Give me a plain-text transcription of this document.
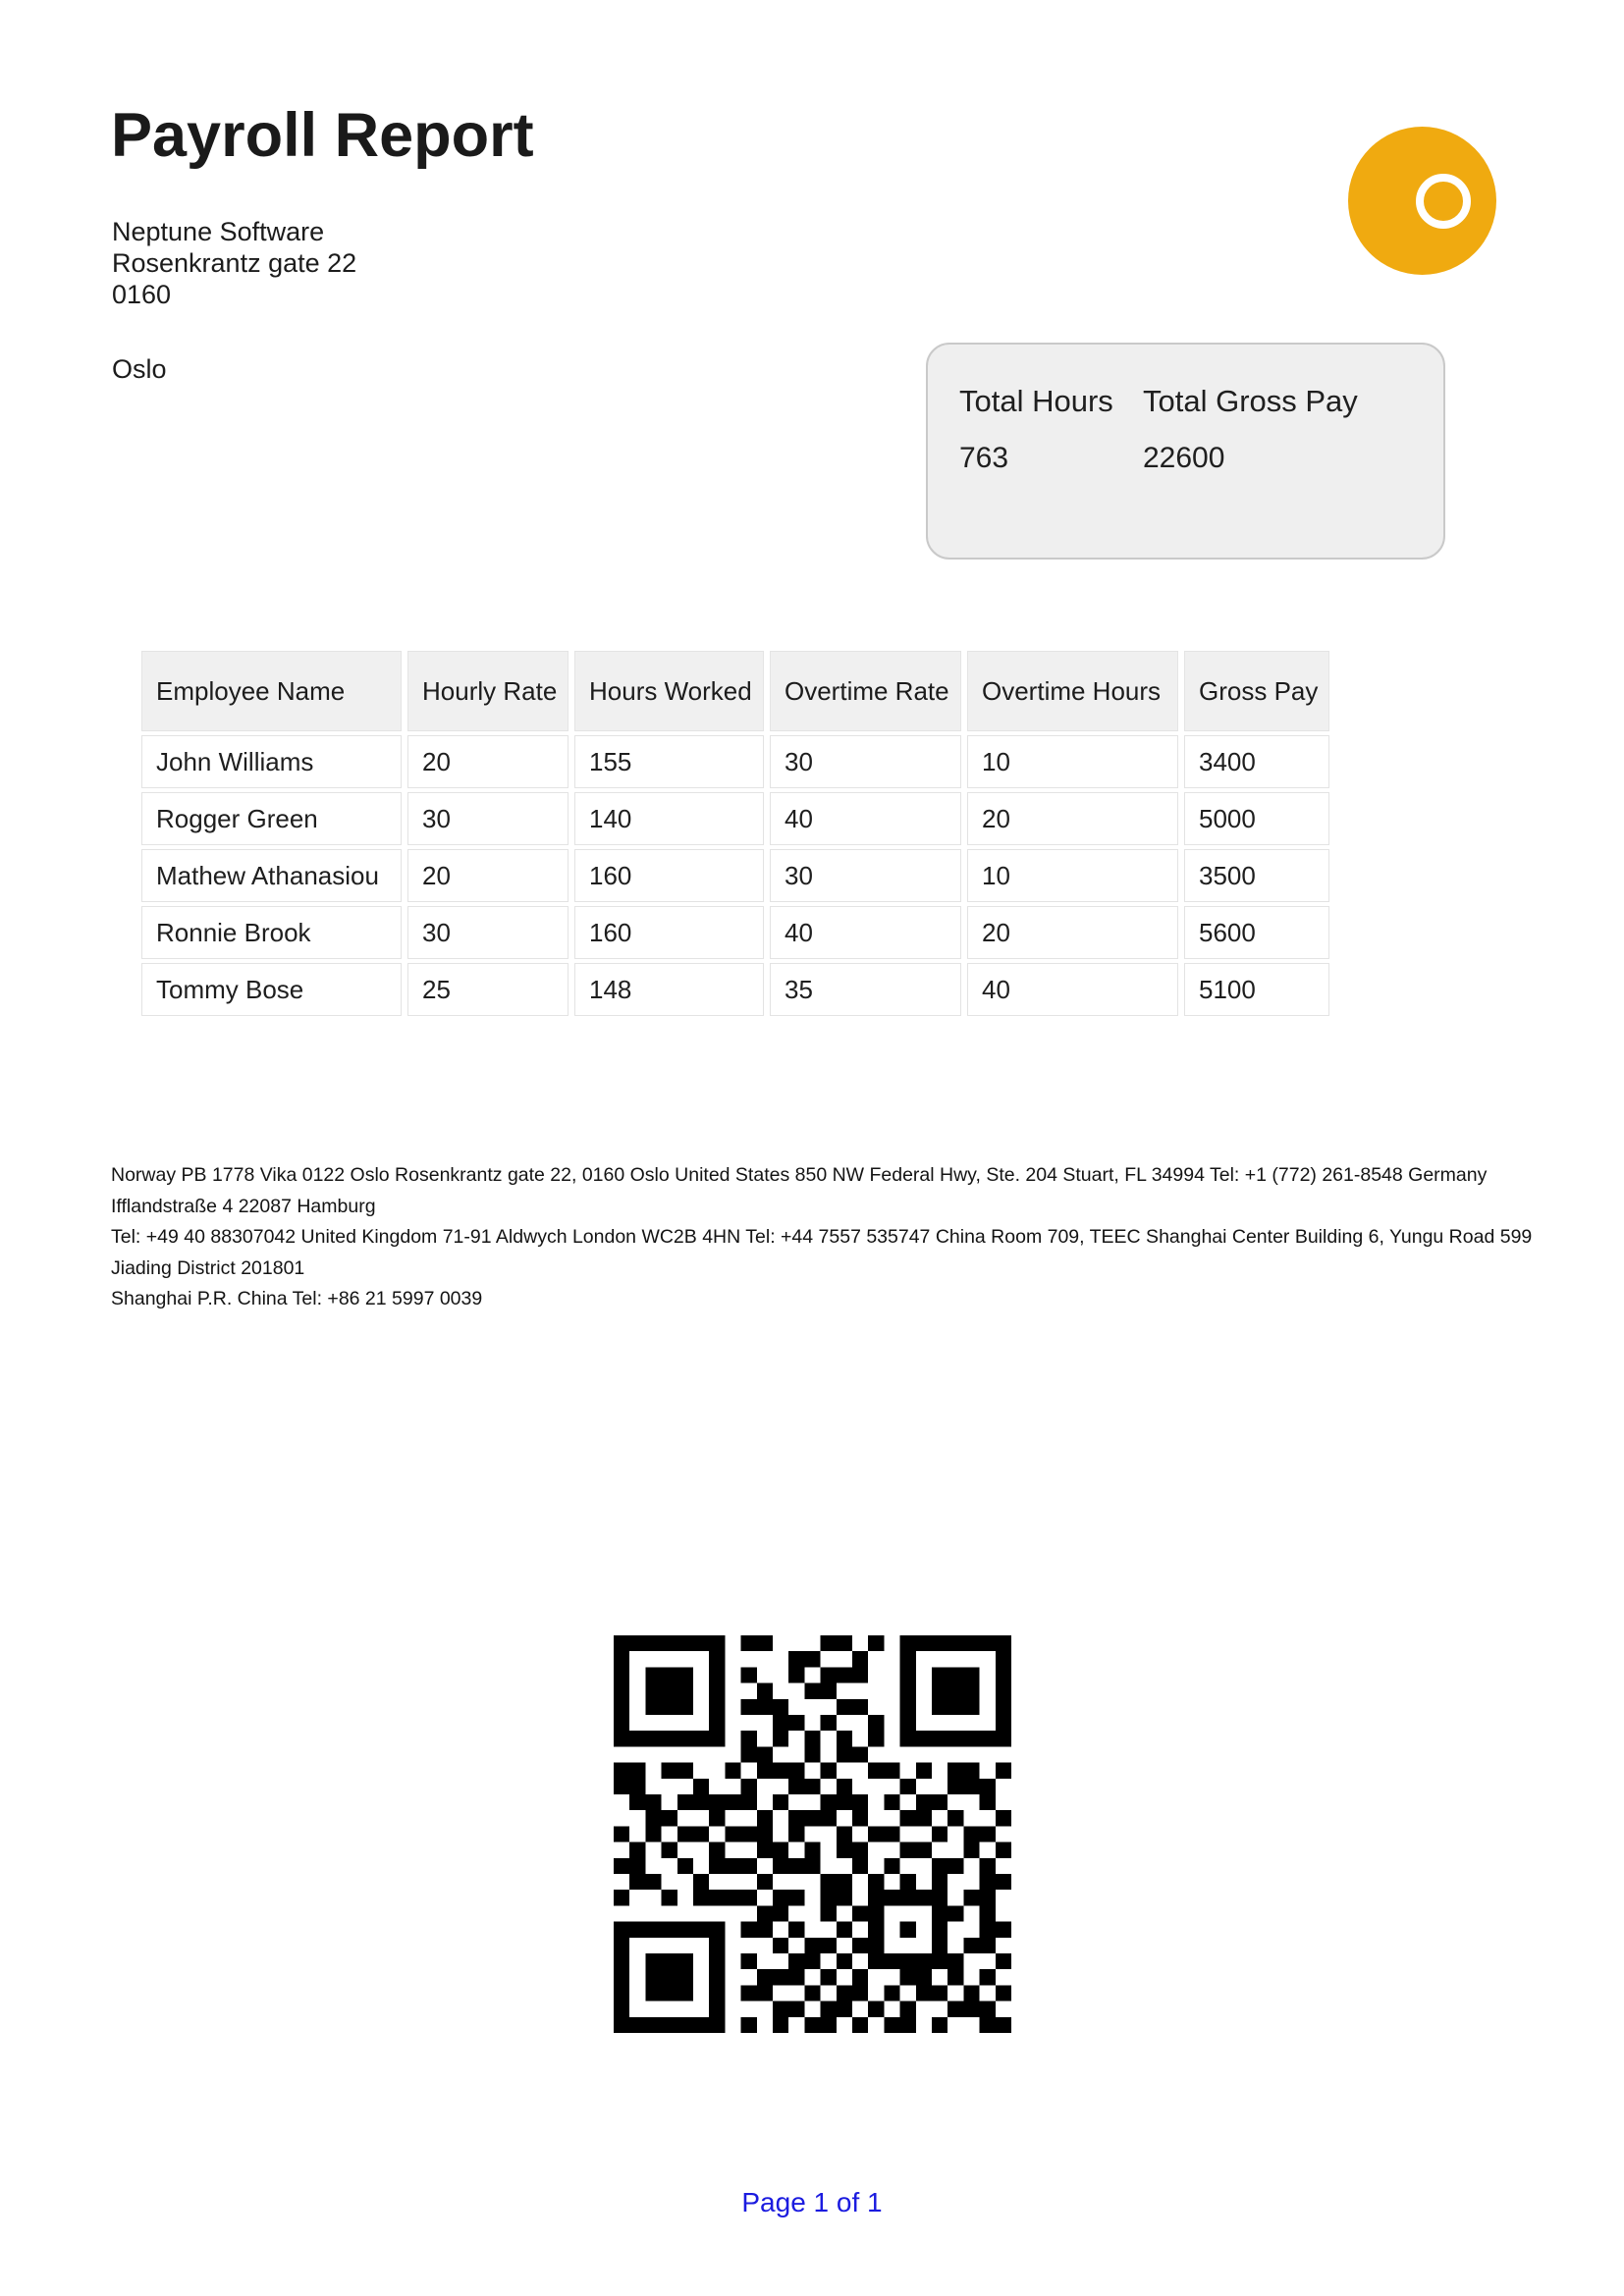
Payroll Report
Neptune Software
Rosenkrantz gate 22
0160
Oslo
Total Hours
763
Total Gross Pay
22600
Employee Name	Hourly Rate	Hours Worked	Overtime Rate	Overtime Hours	Gross Pay
John Williams	20	155	30	10	3400
Rogger Green	30	140	40	20	5000
Mathew Athanasiou	20	160	30	10	3500
Ronnie Brook	30	160	40	20	5600
Tommy Bose	25	148	35	40	5100
Norway PB 1778 Vika 0122 Oslo Rosenkrantz gate 22, 0160 Oslo United States 850 NW Federal Hwy, Ste. 204 Stuart, FL 34994 Tel: +1 (772) 261-8548 Germany Ifflandstraße 4 22087 Hamburg
Tel: +49 40 88307042 United Kingdom 71-91 Aldwych London WC2B 4HN Tel: +44 7557 535747 China Room 709, TEEC Shanghai Center Building 6, Yungu Road 599 Jiading District 201801
Shanghai P.R. China Tel: +86 21 5997 0039
Page 1 of 1
